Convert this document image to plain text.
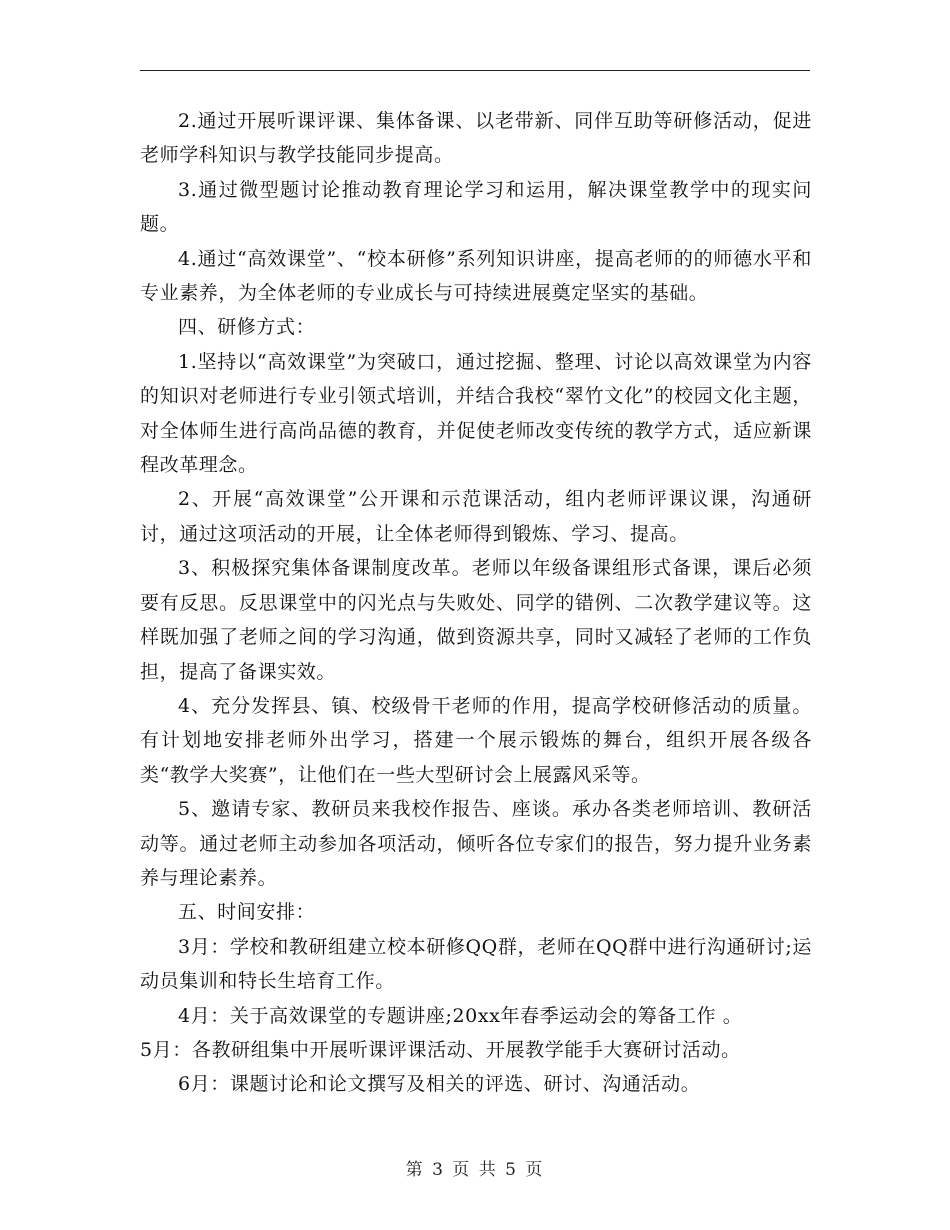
2.通过开展听课评课、集体备课、以老带新、同伴互助等研修活动，促进老师学科知识与教学技能同步提高。

3.通过微型题讨论推动教育理论学习和运用，解决课堂教学中的现实问题。

4.通过“高效课堂”、“校本研修”系列知识讲座，提高老师的的师德水平和专业素养，为全体老师的专业成长与可持续进展奠定坚实的基础。

四、研修方式：

1.坚持以“高效课堂”为突破口，通过挖掘、整理、讨论以高效课堂为内容的知识对老师进行专业引领式培训，并结合我校“翠竹文化”的校园文化主题，对全体师生进行高尚品德的教育，并促使老师改变传统的教学方式，适应新课程改革理念。

2、开展“高效课堂”公开课和示范课活动，组内老师评课议课，沟通研讨，通过这项活动的开展，让全体老师得到锻炼、学习、提高。

3、积极探究集体备课制度改革。老师以年级备课组形式备课，课后必须要有反思。反思课堂中的闪光点与失败处、同学的错例、二次教学建议等。这样既加强了老师之间的学习沟通，做到资源共享，同时又减轻了老师的工作负担，提高了备课实效。

4、充分发挥县、镇、校级骨干老师的作用，提高学校研修活动的质量。有计划地安排老师外出学习，搭建一个展示锻炼的舞台，组织开展各级各类“教学大奖赛”，让他们在一些大型研讨会上展露风采等。

5、邀请专家、教研员来我校作报告、座谈。承办各类老师培训、教研活动等。通过老师主动参加各项活动，倾听各位专家们的报告，努力提升业务素养与理论素养。

五、时间安排：

3月：学校和教研组建立校本研修QQ群，老师在QQ群中进行沟通研讨;运动员集训和特长生培育工作。

4月：关于高效课堂的专题讲座;20xx年春季运动会的筹备工作 。

5月：各教研组集中开展听课评课活动、开展教学能手大赛研讨活动。

6月：课题讨论和论文撰写及相关的评选、研讨、沟通活动。

第 3 页 共 5 页
